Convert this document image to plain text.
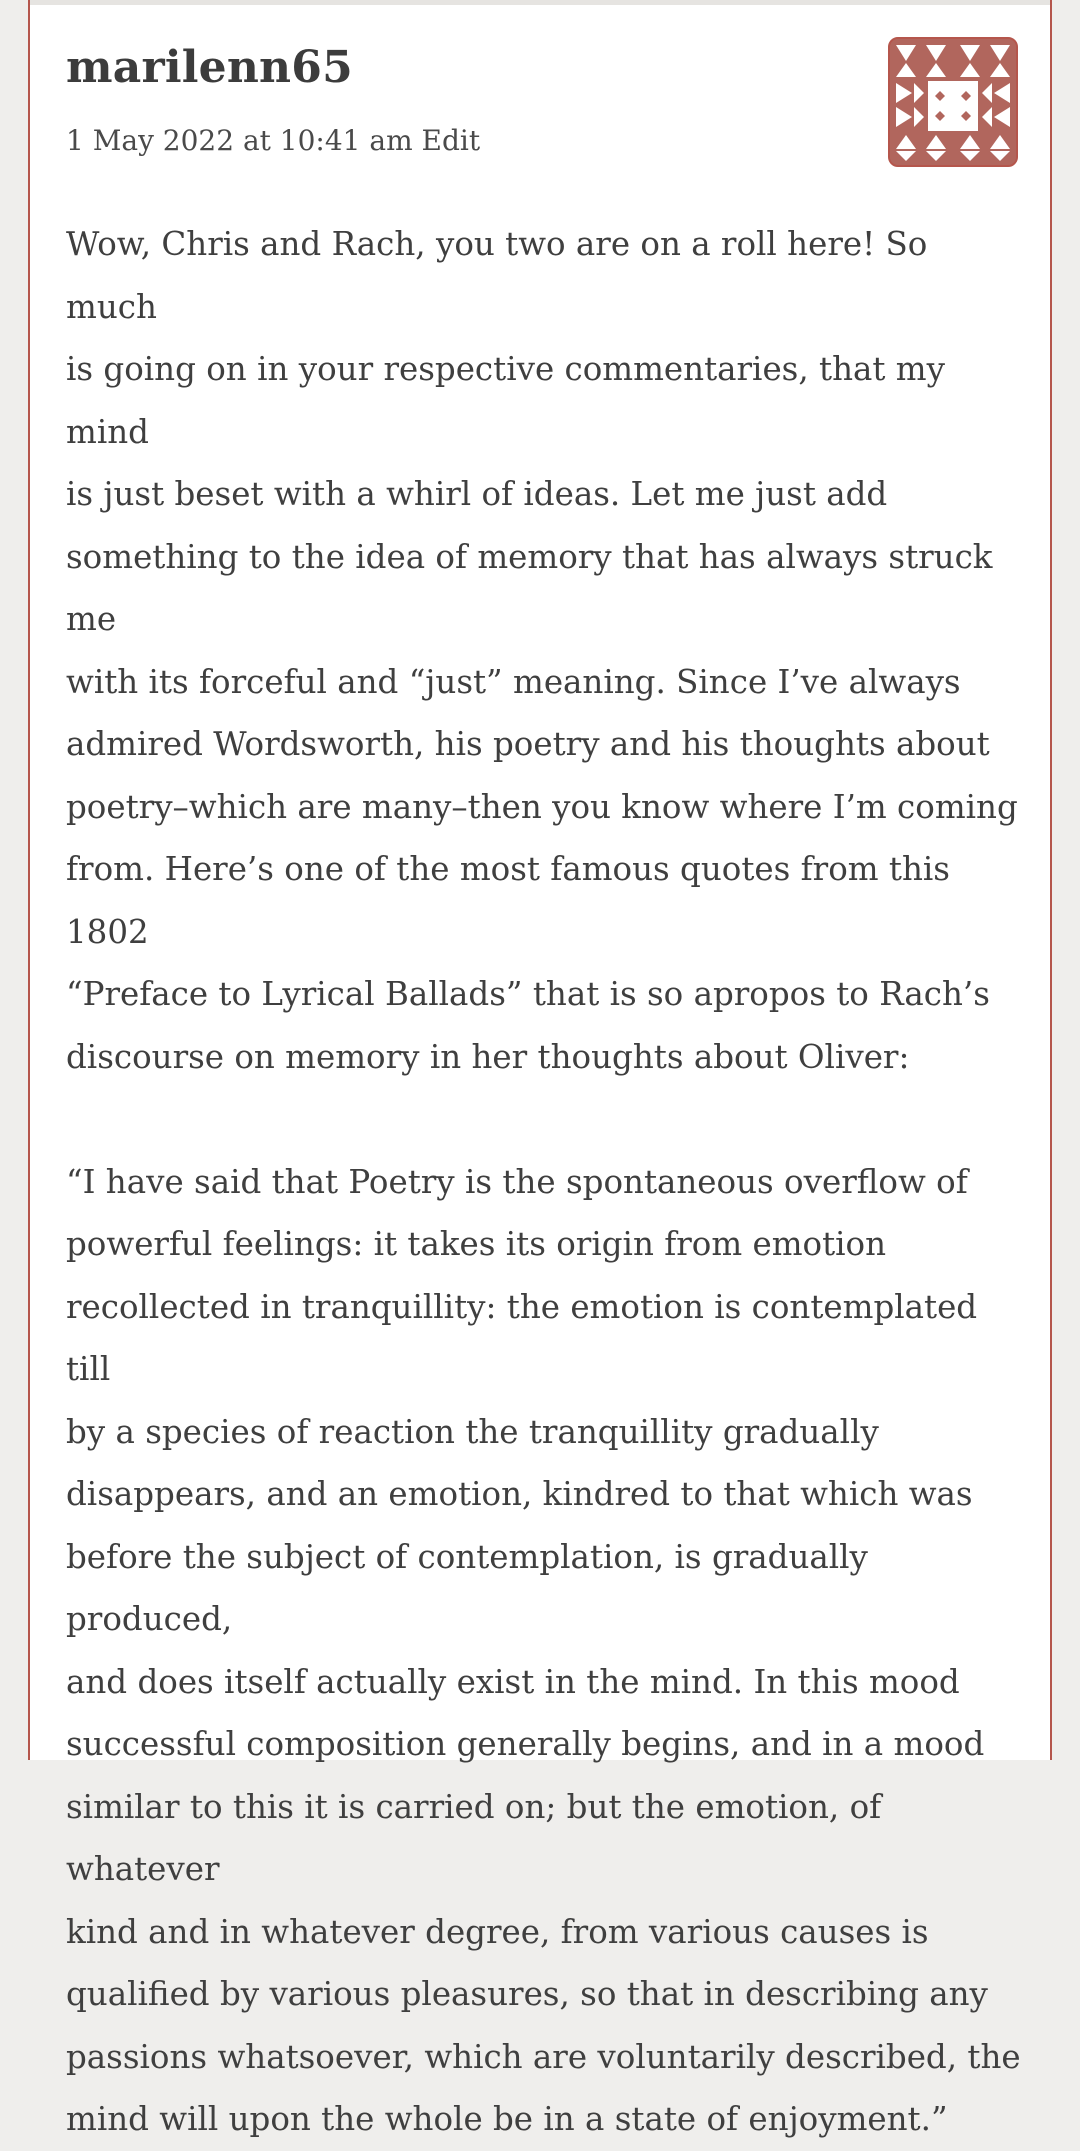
marilenn65
1 May 2022 at 10:41 am Edit

Wow, Chris and Rach, you two are on a roll here! So much
is going on in your respective commentaries, that my mind
is just beset with a whirl of ideas. Let me just add
something to the idea of memory that has always struck me
with its forceful and “just” meaning. Since I’ve always
admired Wordsworth, his poetry and his thoughts about
poetry–which are many–then you know where I’m coming
from. Here’s one of the most famous quotes from this 1802
“Preface to Lyrical Ballads” that is so apropos to Rach’s
discourse on memory in her thoughts about Oliver:

“I have said that Poetry is the spontaneous overflow of
powerful feelings: it takes its origin from emotion
recollected in tranquillity: the emotion is contemplated till
by a species of reaction the tranquillity gradually
disappears, and an emotion, kindred to that which was
before the subject of contemplation, is gradually produced,
and does itself actually exist in the mind. In this mood
successful composition generally begins, and in a mood
similar to this it is carried on; but the emotion, of whatever
kind and in whatever degree, from various causes is
qualified by various pleasures, so that in describing any
passions whatsoever, which are voluntarily described, the
mind will upon the whole be in a state of enjoyment.”
